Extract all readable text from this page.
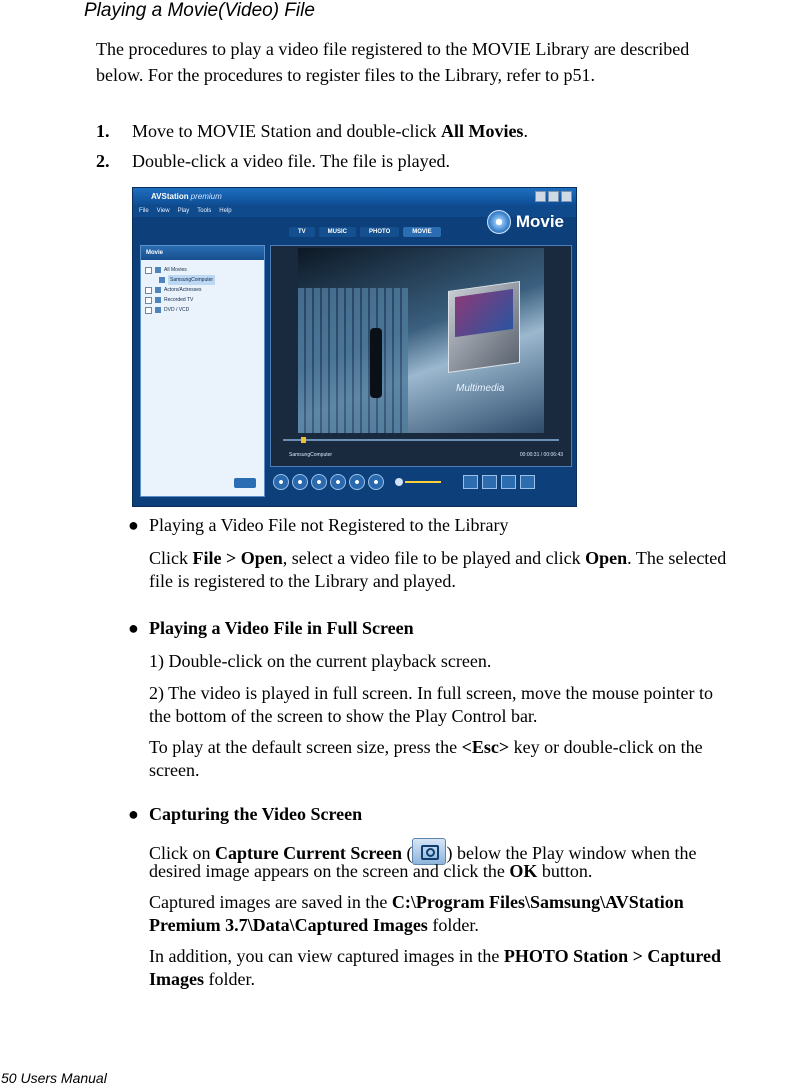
Playing a Movie(Video) File
The procedures to play a video file registered to the MOVIE Library are described
below. For the procedures to register files to the Library, refer to p51.
1. Move to MOVIE Station and double-click All Movies.
2. Double-click a video file. The file is played.
AVStation premium
File View Play Tools Help
Movie
TV	MUSIC	PHOTO	MOVIE
Movie
All Movies
SamsungComputer
Actors/Actresses
Recorded TV
DVD / VCD
Multimedia
SamsungComputer	00:00:31 / 00:06:43
● Playing a Video File not Registered to the Library
Click File > Open, select a video file to be played and click Open. The selected
file is registered to the Library and played.
● Playing a Video File in Full Screen
1) Double-click on the current playback screen.
2) The video is played in full screen. In full screen, move the mouse pointer to
the bottom of the screen to show the Play Control bar.
To play at the default screen size, press the <Esc> key or double-click on the
screen.
● Capturing the Video Screen
Click on Capture Current Screen ( ) below the Play window when the
desired image appears on the screen and click the OK button.
Captured images are saved in the C:\Program Files\Samsung\AVStation
Premium 3.7\Data\Captured Images folder.
In addition, you can view captured images in the PHOTO Station > Captured
Images folder.
50 Users Manual
